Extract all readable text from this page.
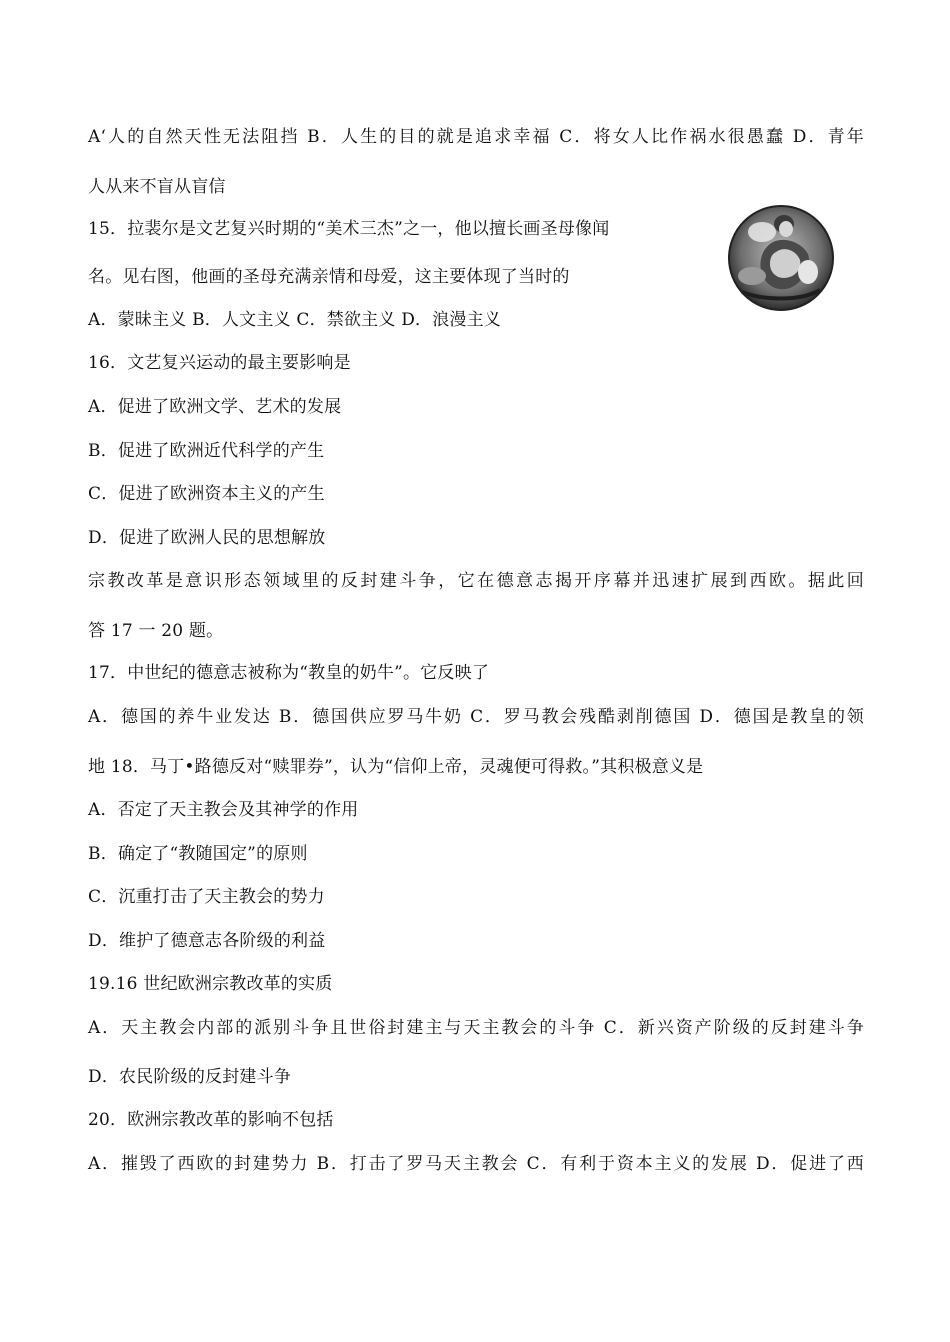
A‘人的自然天性无法阻挡 B．人生的目的就是追求幸福 C．将女人比作祸水很愚蠢 D．青年
人从来不盲从盲信
15．拉裴尔是文艺复兴时期的“美术三杰”之一，他以擅长画圣母像闻
名。见右图，他画的圣母充满亲情和母爱，这主要体现了当时的
A．蒙昧主义 B．人文主义 C．禁欲主义 D．浪漫主义
16．文艺复兴运动的最主要影响是
A．促进了欧洲文学、艺术的发展
B．促进了欧洲近代科学的产生
C．促进了欧洲资本主义的产生
D．促进了欧洲人民的思想解放
宗教改革是意识形态领域里的反封建斗争，它在德意志揭开序幕并迅速扩展到西欧。据此回
答 17 一 20 题。
17．中世纪的德意志被称为“教皇的奶牛”。它反映了
A．德国的养牛业发达 B．德国供应罗马牛奶 C．罗马教会残酷剥削德国 D．德国是教皇的领
地 18．马丁•路德反对“赎罪券”，认为“信仰上帝，灵魂便可得救。”其积极意义是
A．否定了天主教会及其神学的作用
B．确定了“教随国定”的原则
C．沉重打击了天主教会的势力
D．维护了德意志各阶级的利益
19.16 世纪欧洲宗教改革的实质
A．天主教会内部的派别斗争且世俗封建主与天主教会的斗争 C．新兴资产阶级的反封建斗争
D．农民阶级的反封建斗争
20．欧洲宗教改革的影响不包括
A．摧毁了西欧的封建势力 B．打击了罗马天主教会 C．有利于资本主义的发展 D．促进了西
